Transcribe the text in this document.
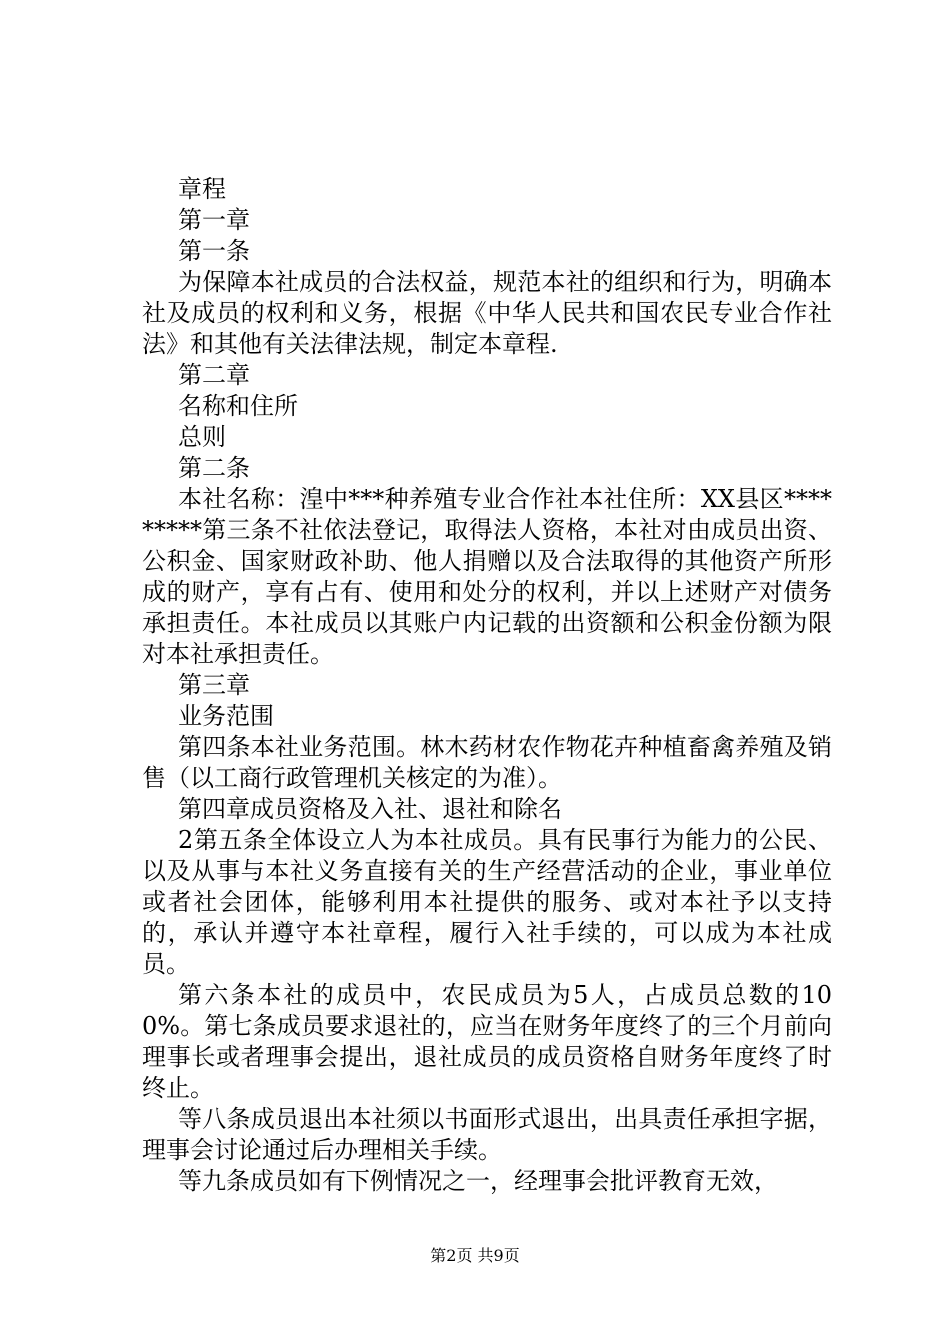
章程

第一章

第一条

为保障本社成员的合法权益，规范本社的组织和行为，明确本社及成员的权利和义务，根据《中华人民共和国农民专业合作社法》和其他有关法律法规，制定本章程.

第二章

名称和住所

总则

第二条

本社名称：湟中***种养殖专业合作社本社住所：XX县区*********第三条不社依法登记，取得法人资格，本社对由成员出资、公积金、国家财政补助、他人捐赠以及合法取得的其他资产所形成的财产，享有占有、使用和处分的权利，并以上述财产对债务承担责任。本社成员以其账户内记载的出资额和公积金份额为限对本社承担责任。

第三章

业务范围

第四条本社业务范围。林木药材农作物花卉种植畜禽养殖及销售（以工商行政管理机关核定的为准）。

第四章成员资格及入社、退社和除名

2第五条全体设立人为本社成员。具有民事行为能力的公民、以及从事与本社义务直接有关的生产经营活动的企业，事业单位或者社会团体，能够利用本社提供的服务、或对本社予以支持的，承认并遵守本社章程，履行入社手续的，可以成为本社成员。

第六条本社的成员中，农民成员为5人，占成员总数的100%。第七条成员要求退社的，应当在财务年度终了的三个月前向理事长或者理事会提出，退社成员的成员资格自财务年度终了时终止。

等八条成员退出本社须以书面形式退出，出具责任承担字据，理事会讨论通过后办理相关手续。

等九条成员如有下例情况之一，经理事会批评教育无效，

第2页 共9页
